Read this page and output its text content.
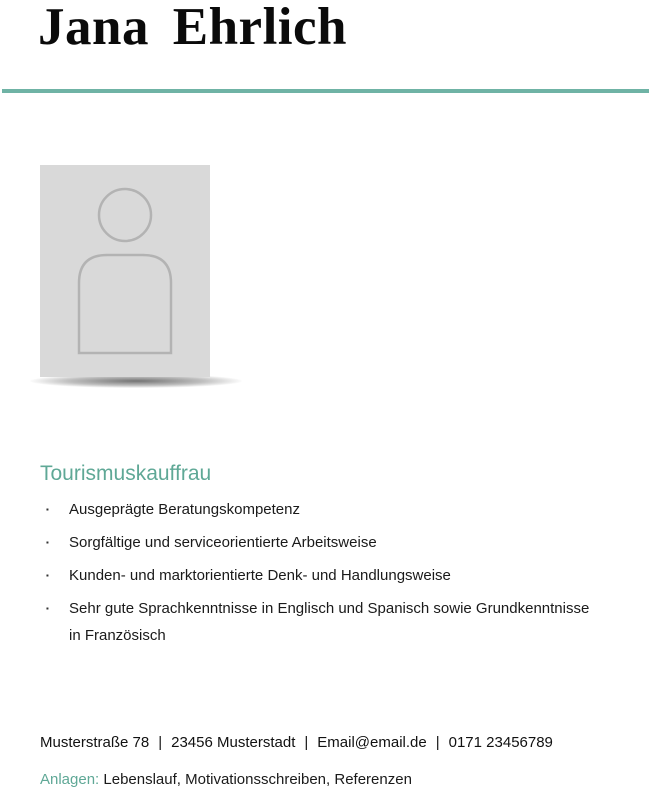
Jana Ehrlich
Tourismuskauffrau
▪ Ausgeprägte Beratungskompetenz
▪ Sorgfältige und serviceorientierte Arbeitsweise
▪ Kunden- und marktorientierte Denk- und Handlungsweise
▪ Sehr gute Sprachkenntnisse in Englisch und Spanisch sowie Grundkenntnisse in Französisch
Musterstraße 78 | 23456 Musterstadt | Email@email.de | 0171 23456789
Anlagen: Lebenslauf, Motivationsschreiben, Referenzen
